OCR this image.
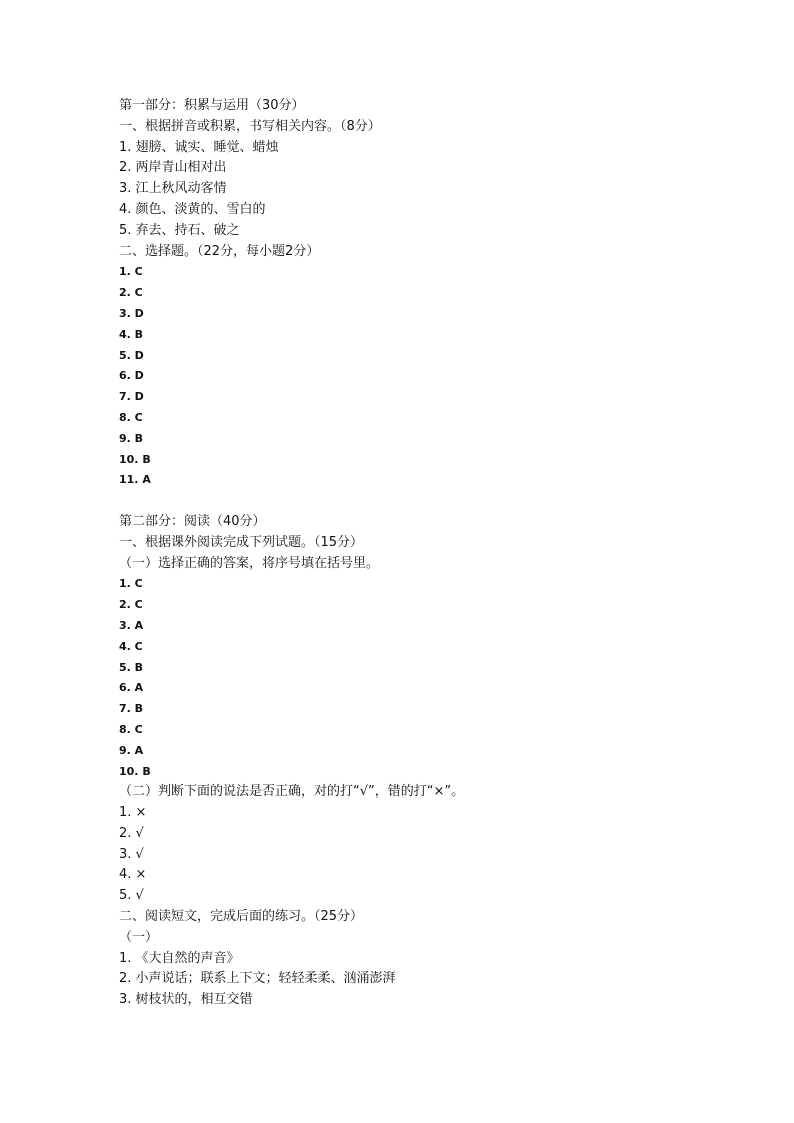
第一部分：积累与运用（30分）
一、根据拼音或积累，书写相关内容。（8分）
1. 翅膀、诚实、睡觉、蜡烛
2. 两岸青山相对出
3. 江上秋风动客情
4. 颜色、淡黄的、雪白的
5. 弃去、持石、破之
二、选择题。（22分，每小题2分）
1. C
2. C
3. D
4. B
5. D
6. D
7. D
8. C
9. B
10. B
11. A
第二部分：阅读（40分）
一、根据课外阅读完成下列试题。（15分）
（一）选择正确的答案，将序号填在括号里。
1. C
2. C
3. A
4. C
5. B
6. A
7. B
8. C
9. A
10. B
（二）判断下面的说法是否正确，对的打“√”，错的打“×”。
1. ×
2. √
3. √
4. ×
5. √
二、阅读短文，完成后面的练习。（25分）
（一）
1. 《大自然的声音》
2. 小声说话；联系上下文；轻轻柔柔、汹涌澎湃
3. 树枝状的，相互交错
